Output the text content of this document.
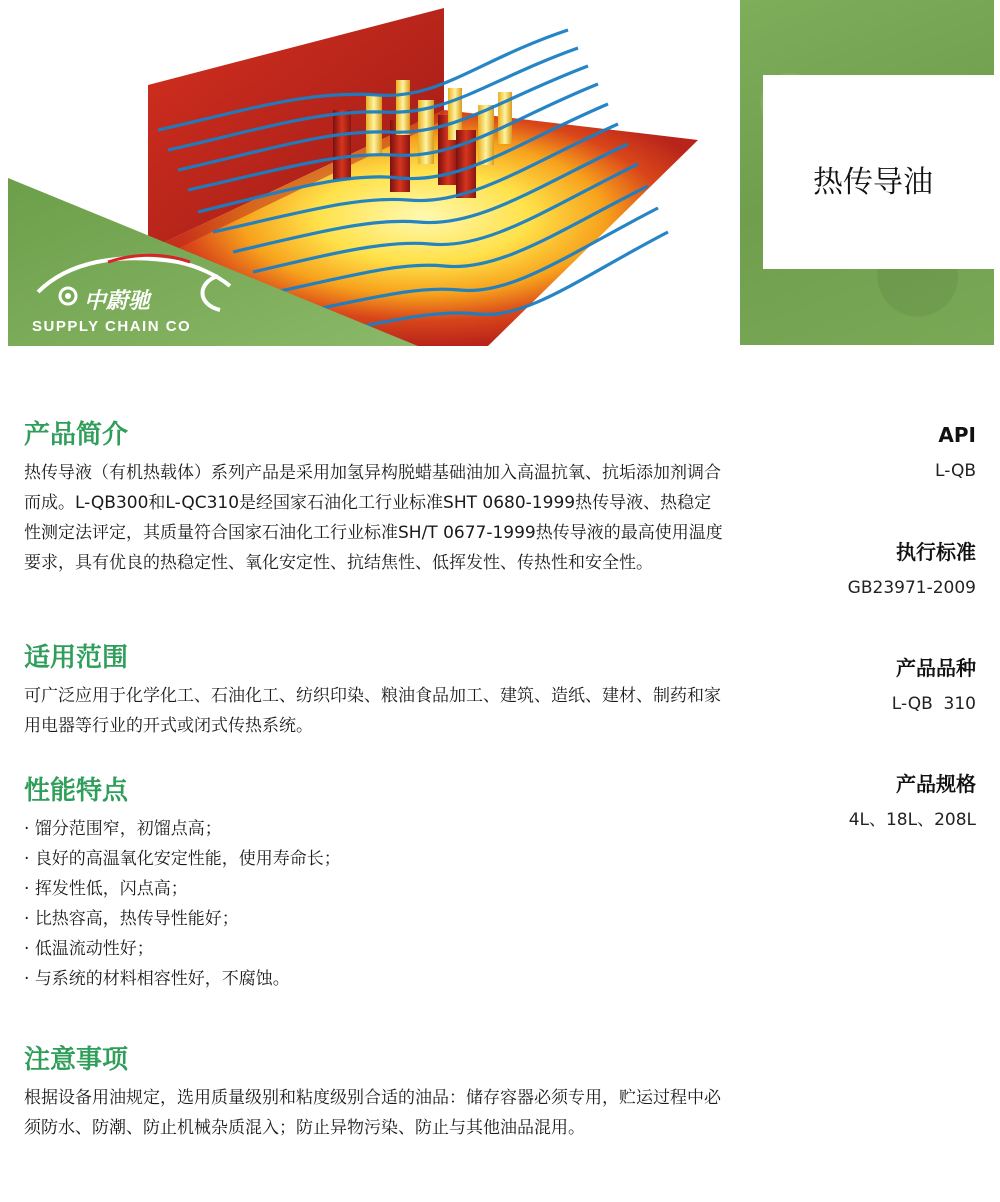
中蔚驰
SUPPLY CHAIN CO
热传导油
产品简介

热传导液（有机热载体）系列产品是采用加氢异构脱蜡基础油加入高温抗氧、抗垢添加剂调合而成。L-QB300和L-QC310是经国家石油化工行业标准SHT 0680-1999热传导液、热稳定性测定法评定，其质量符合国家石油化工行业标准SH/T 0677-1999热传导液的最高使用温度要求，具有优良的热稳定性、氧化安定性、抗结焦性、低挥发性、传热性和安全性。

适用范围

可广泛应用于化学化工、石油化工、纺织印染、粮油食品加工、建筑、造纸、建材、制药和家用电器等行业的开式或闭式传热系统。

性能特点
· 馏分范围窄，初馏点高；
· 良好的高温氧化安定性能，使用寿命长；
· 挥发性低，闪点高；
· 比热容高，热传导性能好；
· 低温流动性好；
· 与系统的材料相容性好，不腐蚀。
注意事项

根据设备用油规定，选用质量级别和粘度级别合适的油品：储存容器必须专用，贮运过程中必须防水、防潮、防止机械杂质混入；防止异物污染、防止与其他油品混用。

API
L-QB
执行标准
GB23971-2009
产品品种
L-QB  310
产品规格
4L、18L、208L
